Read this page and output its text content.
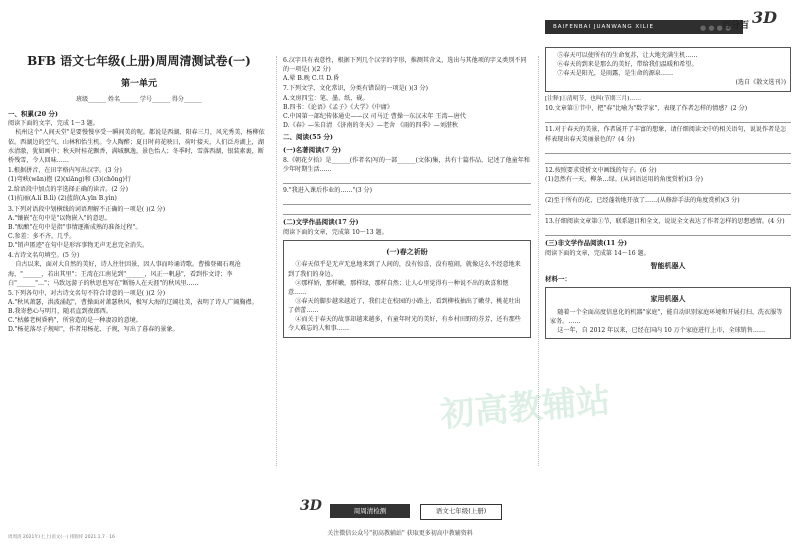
BAIFENBAI JUANWANG XILIE	● ● ● ●
百分百 3D
BFB 语文七年级(上册)周周清测试卷(一)
第一单元
班级______ 姓名______ 学号______ 得分______

一、积累(20 分)

阅读下面的文字，完成 1～3 题。

杭州这个"人间天堂"是要慢慢享受一瞬间美的呢。都说是西湖、阳春三月，风光秀美，杨柳依依。西湖边的空气、山林和怡生机。令人陶醉；夏日时荷花映日，荷叶接天，人们泛舟湖上，湖水清澈，犹如画中；秋天时桂花飘香，满城飘逸，景色怡人；冬季时，雪落西湖，银装素裹，断桥残雪，令人回味……

1.根据拼音，在田字格内写出汉字。(3 分)

(1)弯峡(wān)抱 (2)(xiāng)和 (3)(chōng)行

2.给语段中加点的字选择正确的读音。(2 分)

(1)抗丽(A.lí B.lì) (2)蓝荫(A.yīn B.yìn)

3.下列对语段中划横线的词语理解不正确的一项是( )(2 分)

A."镶嵌"在句中是"以物嵌入"的意思。

B."酝酿"在句中是指"事情逐渐成熟的准备过程"。

C.参差：多不齐，几乎。

D."销声匿迹"在句中是形容事物无声无息完全消失。

4.古诗文名句填空。(5 分)

自古以来，面对大自然的美好，诗人往往因景，因人事而吟诵诗歌。曹操登碣石观沧海，"______，若出其里"；王湾在江南见到"______，风正一帆悬"，看到作文诗；李白"______"…"；马致远游子的秋思也写在"断肠人在天涯"的秋风里……

5.下列各句中，对古诗文名句不符合诗意的一项是( )(2 分)

A."秋风萧瑟，洪波涌起"，曹操面对萧瑟秋风，极写大海的辽阔壮美，表明了诗人广阔胸襟。

B.我寄愁心与明月，随君直到夜郎西。

C."枯藤老树昏鸦"，所营造的是一种凄凉的意境。

D."杨花落尽子规啼"，作者用杨花、子规，写出了暮春的景象。

6.汉字具有表意性，根据下列几个汉字的字形，推测其含义，选出与其他项的字义类别不同的一项是( )(2 分)

A.晕 B.晚 C.旦 D.昏

7.下列文学、文化常识，分类有错误的一项是( )(3 分)

A.文房四宝：笔、墨、纸、砚。

B.四书：《论语》《孟子》《大学》《中庸》

C.中国第一部纪传体通史——汉 司马迁 曹操一东汉末年 王湾—唐代

D.《春》—朱自清 《济南的冬天》—老舍 《雨的四季》—刘湛秋

二、阅读(55 分)

(一)名著阅读(7 分)

8.《朝花夕拾》是______(作者名)写的一部______(文体)集，共有十篇作品，记述了他童年和少年时期生活……

9."我进入课后作业的……"(3 分)

(二)文学作品阅读(17 分)

阅读下面的文章，完成第 10～13 题。

(一)春之祈盼

①春天似乎是无声无息地来到了人间的，没有惊喜，没有喧闹，就像这么不经意地来到了我们的身边。

②那样娇，那样嫩，那样绿，那样自然；让人心里觉得有一种说不出的欢喜和惬意……

③春天的脚步越来越近了，我们走在校园的小路上，看到柳枝抽出了嫩芽，桃花吐出了蓓蕾……

④而关于春天的故事却越来越多，有童年时光的美好，有乡村田野的芬芳，还有那些令人难忘的人和事……

⑤春天可以使所有的生命复苏，让大地充满生机……

⑥春天的到来是那么的美好，带给我们温暖和希望。

⑦春天是阳光，是雨露，是生命的源泉……

(选自《散文选刊》)

[注释]①清明节，也叫(节期三月)……

10.文章第①节中，把"春"比喻为"数学家"，表现了作者怎样的情感？(2 分)

11.对于春天的美景，作者展开了丰富的想象，请仔细阅读文中的相关语句，说说作者是怎样表现出春天美丽景色的？(4 分)

12.按照要求赏析文中画线的句子。(6 分)

(1)忽然有一天，柳条…绿。(从词语运用的角度赏析)(3 分)

(2)至于所有的花，已经蓬勃地开放了……(从修辞手法的角度赏析)(3 分)

13.仔细阅读文章第①节，联系题目和全文，说说全文表达了作者怎样的思想感情。(4 分)

(三)非文学作品阅读(11 分)

阅读下面的文章，完成第 14～16 题。

智能机器人

材料一：

家用机器人

随着一个全面高度信息化的机器"家庭"，能自动识别家庭环境和开展打扫、洗衣服等家务。……

这一年，自 2012 年以来，已经在国内 10 万个家庭进行上市，全球销售……

初高教辅站
3D	周周清检测	语文七年级(上册)
关注微信公众号"初高教辅站" 获取更多初高中教辅资料
周周清 2021年(七上)语文(一) 排版样 2021.1.7 · 16
